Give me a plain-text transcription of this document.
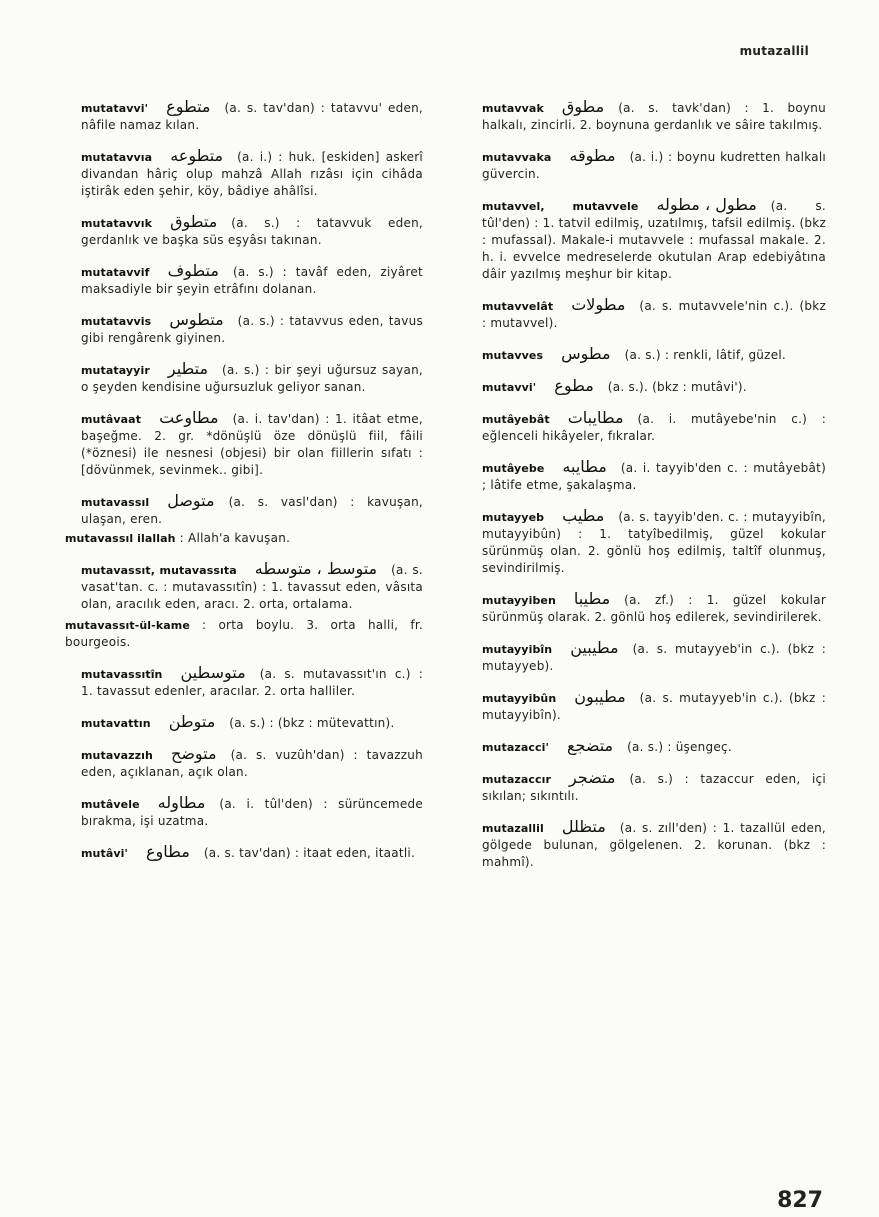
mutazallil
mutatavvi' متطوع (a. s. tav'dan) : tatavvu' eden, nâfile namaz kılan.
mutatavvıa متطوعه (a. i.) : huk. [eskiden] askerî divandan hâriç olup mahzâ Allah rızâsı için cihâda iştirâk eden şehir, köy, bâdiye ahâlîsi.
mutatavvık متطوق (a. s.) : tatavvuk eden, gerdanlık ve başka süs eşyâsı takınan.
mutatavvif متطوف (a. s.) : tavâf eden, ziyâret maksadiyle bir şeyin etrâfını dolanan.
mutatavvis متطوس (a. s.) : tatavvus eden, tavus gibi rengârenk giyinen.
mutatayyir متطير (a. s.) : bir şeyi uğursuz sayan, o şeyden kendisine uğursuzluk geliyor sanan.
mutâvaat مطاوعت (a. i. tav'dan) : 1. itâat etme, başeğme. 2. gr. *dönüşlü öze dönüşlü fiil, fâili (*öznesi) ile nesnesi (objesi) bir olan fiillerin sıfatı : [dövünmek, sevinmek.. gibi].
mutavassıl متوصل (a. s. vasl'dan) : kavuşan, ulaşan, eren.
mutavassıl ilallah : Allah'a kavuşan.
mutavassıt, mutavassıta متوسط ، متوسطه (a. s. vasat'tan. c. : mutavassıtîn) : 1. tavassut eden, vâsıta olan, aracılık eden, aracı. 2. orta, ortalama.
mutavassıt-ül-kame : orta boylu. 3. orta halli, fr. bourgeois.
mutavassıtîn متوسطين (a. s. mutavassıt'ın c.) : 1. tavassut edenler, aracılar. 2. orta halliler.
mutavattın متوطن (a. s.) : (bkz : mütevattın).
mutavazzıh متوضح (a. s. vuzûh'dan) : tavazzuh eden, açıklanan, açık olan.
mutâvele مطاوله (a. i. tûl'den) : sürüncemede bırakma, işi uzatma.
mutâvi' مطاوع (a. s. tav'dan) : itaat eden, itaatli.
mutavvak مطوق (a. s. tavk'dan) : 1. boynu halkalı, zincirli. 2. boynuna gerdanlık ve sâire takılmış.
mutavvaka مطوقه (a. i.) : boynu kudretten halkalı güvercin.
mutavvel, mutavvele مطول ، مطوله (a. s. tûl'den) : 1. tatvil edilmiş, uzatılmış, tafsil edilmiş. (bkz : mufassal). Makale-i mutavvele : mufassal makale. 2. h. i. evvelce medreselerde okutulan Arap edebiyâtına dâir yazılmış meşhur bir kitap.
mutavvelât مطولات (a. s. mutavvele'nin c.). (bkz : mutavvel).
mutavves مطوس (a. s.) : renkli, lâtif, güzel.
mutavvi' مطوع (a. s.). (bkz : mutâvi').
mutâyebât مطايبات (a. i. mutâyebe'nin c.) : eğlenceli hikâyeler, fıkralar.
mutâyebe مطايبه (a. i. tayyib'den c. : mutâyebât) ; lâtife etme, şakalaşma.
mutayyeb مطيب (a. s. tayyib'den. c. : mutayyibîn, mutayyibûn) : 1. tatyîbedilmiş, güzel kokular sürünmüş olan. 2. gönlü hoş edilmiş, taltîf olunmuş, sevindirilmiş.
mutayyiben مطيبا (a. zf.) : 1. güzel kokular sürünmüş olarak. 2. gönlü hoş edilerek, sevindirilerek.
mutayyibîn مطيبين (a. s. mutayyeb'in c.). (bkz : mutayyeb).
mutayyibûn مطيبون (a. s. mutayyeb'in c.). (bkz : mutayyibîn).
mutazacci' متضجع (a. s.) : üşengeç.
mutazaccır متضجر (a. s.) : tazaccur eden, içi sıkılan; sıkıntılı.
mutazallil متظلل (a. s. zıll'den) : 1. tazallül eden, gölgede bulunan, gölgelenen. 2. korunan. (bkz : mahmî).
827
